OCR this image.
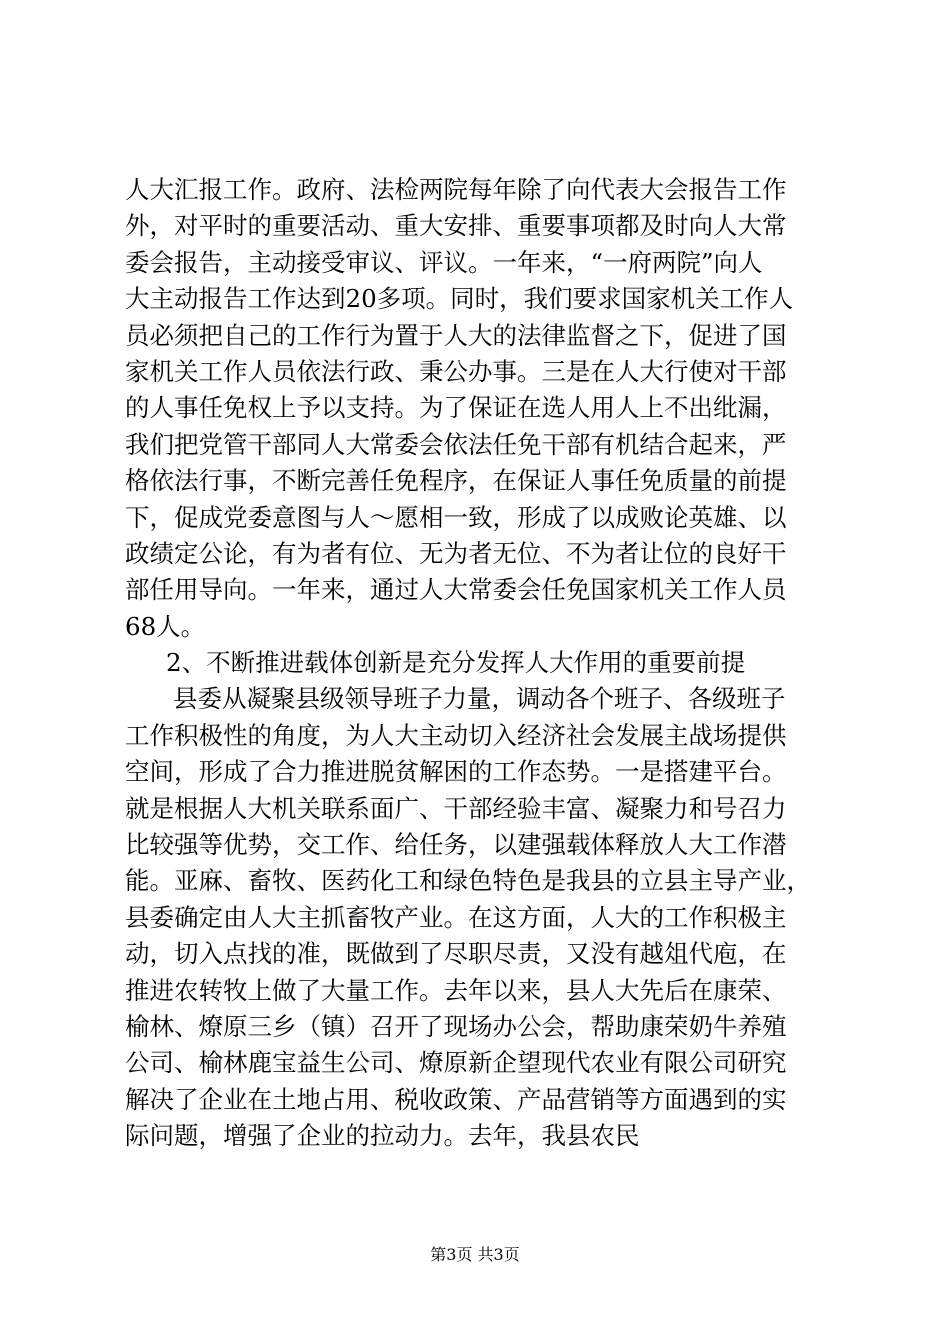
人大汇报工作。政府、法检两院每年除了向代表大会报告工作
外，对平时的重要活动、重大安排、重要事项都及时向人大常
委会报告，主动接受审议、评议。一年来，“一府两院”向人
大主动报告工作达到20多项。同时，我们要求国家机关工作人
员必须把自己的工作行为置于人大的法律监督之下，促进了国
家机关工作人员依法行政、秉公办事。三是在人大行使对干部
的人事任免权上予以支持。为了保证在选人用人上不出纰漏，
我们把党管干部同人大常委会依法任免干部有机结合起来，严
格依法行事，不断完善任免程序，在保证人事任免质量的前提
下，促成党委意图与人～愿相一致，形成了以成败论英雄、以
政绩定公论，有为者有位、无为者无位、不为者让位的良好干
部任用导向。一年来，通过人大常委会任免国家机关工作人员
68人。
2、不断推进载体创新是充分发挥人大作用的重要前提
县委从凝聚县级领导班子力量，调动各个班子、各级班子
工作积极性的角度，为人大主动切入经济社会发展主战场提供
空间，形成了合力推进脱贫解困的工作态势。一是搭建平台。
就是根据人大机关联系面广、干部经验丰富、凝聚力和号召力
比较强等优势，交工作、给任务，以建强载体释放人大工作潜
能。亚麻、畜牧、医药化工和绿色特色是我县的立县主导产业，
县委确定由人大主抓畜牧产业。在这方面，人大的工作积极主
动，切入点找的准，既做到了尽职尽责，又没有越俎代庖，在
推进农转牧上做了大量工作。去年以来，县人大先后在康荣、
榆林、燎原三乡（镇）召开了现场办公会，帮助康荣奶牛养殖
公司、榆林鹿宝益生公司、燎原新企望现代农业有限公司研究
解决了企业在土地占用、税收政策、产品营销等方面遇到的实
际问题，增强了企业的拉动力。去年，我县农民
第3页 共3页
